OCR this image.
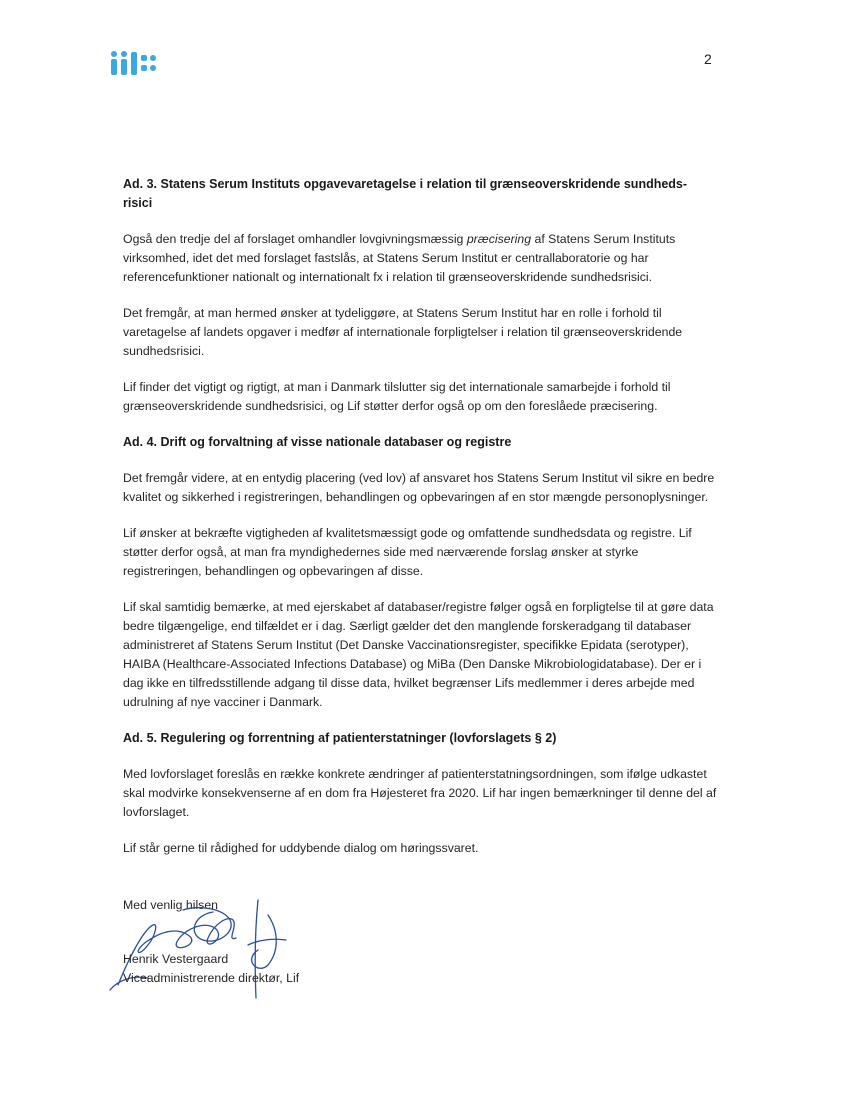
2
Ad. 3. Statens Serum Instituts opgavevaretagelse i relation til grænseoverskridende sundheds-
risici

Også den tredje del af forslaget omhandler lovgivningsmæssig præcisering af Statens Serum Instituts virksomhed, idet det med forslaget fastslås, at Statens Serum Institut er centrallaboratorie og har referencefunktioner nationalt og internationalt fx i relation til grænseoverskridende sundhedsrisici.

Det fremgår, at man hermed ønsker at tydeliggøre, at Statens Serum Institut har en rolle i forhold til varetagelse af landets opgaver i medfør af internationale forpligtelser i relation til grænseoverskridende sundhedsrisici.

Lif finder det vigtigt og rigtigt, at man i Danmark tilslutter sig det internationale samarbejde i forhold til grænseoverskridende sundhedsrisici, og Lif støtter derfor også op om den foreslåede præcisering.

Ad. 4. Drift og forvaltning af visse nationale databaser og registre

Det fremgår videre, at en entydig placering (ved lov) af ansvaret hos Statens Serum Institut vil sikre en bedre kvalitet og sikkerhed i registreringen, behandlingen og opbevaringen af en stor mængde personoplysninger.

Lif ønsker at bekræfte vigtigheden af kvalitetsmæssigt gode og omfattende sundhedsdata og registre. Lif støtter derfor også, at man fra myndighedernes side med nærværende forslag ønsker at styrke registreringen, behandlingen og opbevaringen af disse.

Lif skal samtidig bemærke, at med ejerskabet af databaser/registre følger også en forpligtelse til at gøre data bedre tilgængelige, end tilfældet er i dag. Særligt gælder det den manglende forskeradgang til databaser administreret af Statens Serum Institut (Det Danske Vaccinationsregister, specifikke Epidata (serotyper), HAIBA (Healthcare-Associated Infections Database) og MiBa (Den Danske Mikrobiologidatabase). Der er i dag ikke en tilfredsstillende adgang til disse data, hvilket begrænser Lifs medlemmer i deres arbejde med udrulning af nye vacciner i Danmark.

Ad. 5. Regulering og forrentning af patienterstatninger (lovforslagets § 2)

Med lovforslaget foreslås en række konkrete ændringer af patienterstatningsordningen, som ifølge udkastet skal modvirke konsekvenserne af en dom fra Højesteret fra 2020. Lif har ingen bemærkninger til denne del af lovforslaget.

Lif står gerne til rådighed for uddybende dialog om høringssvaret.

Med venlig hilsen
Henrik Vestergaard
Viceadministrerende direktør, Lif
